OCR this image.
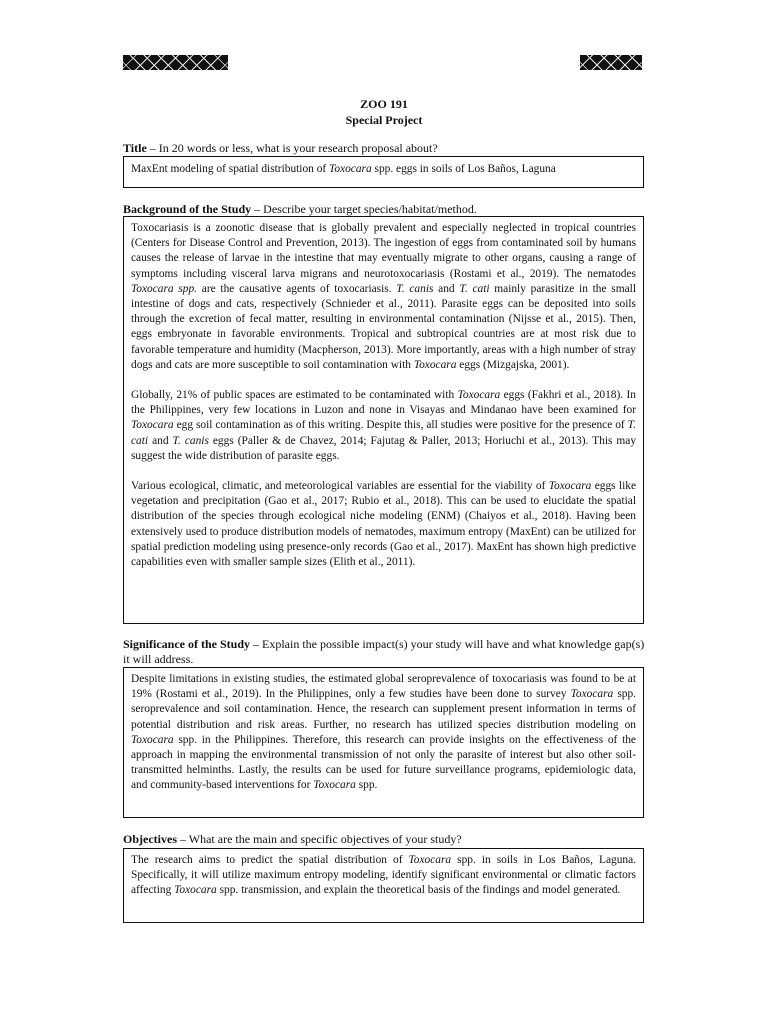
ZOO 191
Special Project
Title – In 20 words or less, what is your research proposal about?

MaxEnt modeling of spatial distribution of Toxocara spp. eggs in soils of Los Baños, Laguna

Background of the Study – Describe your target species/habitat/method.

Toxocariasis is a zoonotic disease that is globally prevalent and especially neglected in tropical countries (Centers for Disease Control and Prevention, 2013). The ingestion of eggs from contaminated soil by humans causes the release of larvae in the intestine that may eventually migrate to other organs, causing a range of symptoms including visceral larva migrans and neurotoxocariasis (Rostami et al., 2019). The nematodes Toxocara spp. are the causative agents of toxocariasis. T. canis and T. cati mainly parasitize in the small intestine of dogs and cats, respectively (Schnieder et al., 2011). Parasite eggs can be deposited into soils through the excretion of fecal matter, resulting in environmental contamination (Nijsse et al., 2015). Then, eggs embryonate in favorable environments. Tropical and subtropical countries are at most risk due to favorable temperature and humidity (Macpherson, 2013). More importantly, areas with a high number of stray dogs and cats are more susceptible to soil contamination with Toxocara eggs (Mizgajska, 2001).

Globally, 21% of public spaces are estimated to be contaminated with Toxocara eggs (Fakhri et al., 2018). In the Philippines, very few locations in Luzon and none in Visayas and Mindanao have been examined for Toxocara egg soil contamination as of this writing. Despite this, all studies were positive for the presence of T. cati and T. canis eggs (Paller & de Chavez, 2014; Fajutag & Paller, 2013; Horiuchi et al., 2013). This may suggest the wide distribution of parasite eggs.

Various ecological, climatic, and meteorological variables are essential for the viability of Toxocara eggs like vegetation and precipitation (Gao et al., 2017; Rubio et al., 2018). This can be used to elucidate the spatial distribution of the species through ecological niche modeling (ENM) (Chaiyos et al., 2018). Having been extensively used to produce distribution models of nematodes, maximum entropy (MaxEnt) can be utilized for spatial prediction modeling using presence-only records (Gao et al., 2017). MaxEnt has shown high predictive capabilities even with smaller sample sizes (Elith et al., 2011).

Significance of the Study – Explain the possible impact(s) your study will have and what knowledge gap(s) it will address.

Despite limitations in existing studies, the estimated global seroprevalence of toxocariasis was found to be at 19% (Rostami et al., 2019). In the Philippines, only a few studies have been done to survey Toxocara spp. seroprevalence and soil contamination. Hence, the research can supplement present information in terms of potential distribution and risk areas. Further, no research has utilized species distribution modeling on Toxocara spp. in the Philippines. Therefore, this research can provide insights on the effectiveness of the approach in mapping the environmental transmission of not only the parasite of interest but also other soil-transmitted helminths. Lastly, the results can be used for future surveillance programs, epidemiologic data, and community-based interventions for Toxocara spp.

Objectives – What are the main and specific objectives of your study?

The research aims to predict the spatial distribution of Toxocara spp. in soils in Los Baños, Laguna. Specifically, it will utilize maximum entropy modeling, identify significant environmental or climatic factors affecting Toxocara spp. transmission, and explain the theoretical basis of the findings and model generated.
